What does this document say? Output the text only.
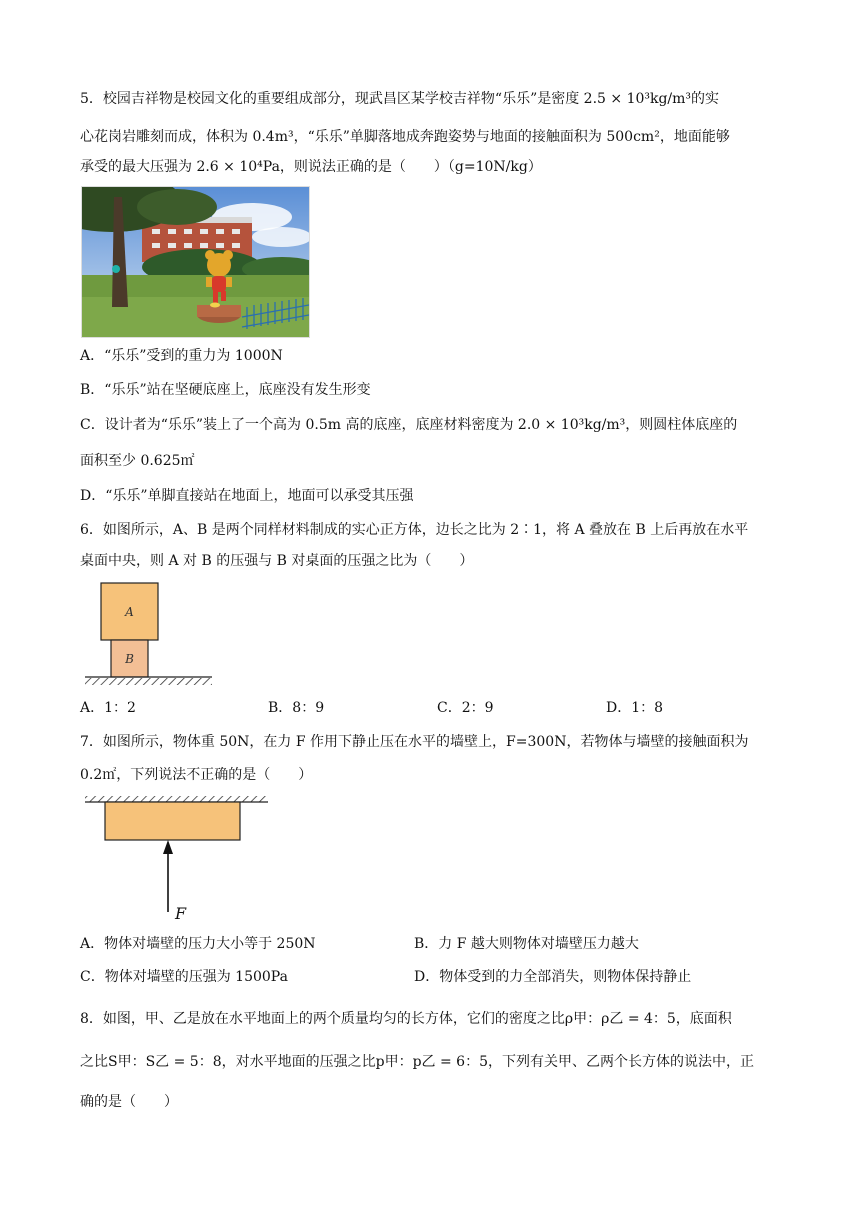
5．校园吉祥物是校园文化的重要组成部分，现武昌区某学校吉祥物“乐乐”是密度 2.5 × 10³kg/m³的实
心花岗岩雕刻而成，体积为 0.4m³，“乐乐”单脚落地成奔跑姿势与地面的接触面积为 500cm²，地面能够
承受的最大压强为 2.6 × 10⁴Pa，则说法正确的是（　　）（g=10N/kg）
A．“乐乐”受到的重力为 1000N
B．“乐乐”站在坚硬底座上，底座没有发生形变
C．设计者为“乐乐”装上了一个高为 0.5m 高的底座，底座材料密度为 2.0 × 10³kg/m³，则圆柱体底座的
面积至少 0.625㎡
D．“乐乐”单脚直接站在地面上，地面可以承受其压强
6．如图所示，A、B 是两个同样材料制成的实心正方体，边长之比为 2∶1，将 A 叠放在 B 上后再放在水平
桌面中央，则 A 对 B 的压强与 B 对桌面的压强之比为（　　）
A
B
A．1：2	B．8：9	C．2：9	D．1：8
7．如图所示，物体重 50N，在力 F 作用下静止压在水平的墙壁上，F=300N，若物体与墙壁的接触面积为
0.2㎡，下列说法不正确的是（　　）
F
A．物体对墙壁的压力大小等于 250N	B．力 F 越大则物体对墙壁压力越大
C．物体对墙壁的压强为 1500Pa	D．物体受到的力全部消失，则物体保持静止
8．如图，甲、乙是放在水平地面上的两个质量均匀的长方体，它们的密度之比ρ甲：ρ乙 = 4：5，底面积
之比S甲：S乙 = 5：8，对水平地面的压强之比p甲：p乙 = 6：5，下列有关甲、乙两个长方体的说法中，正
确的是（　　）
